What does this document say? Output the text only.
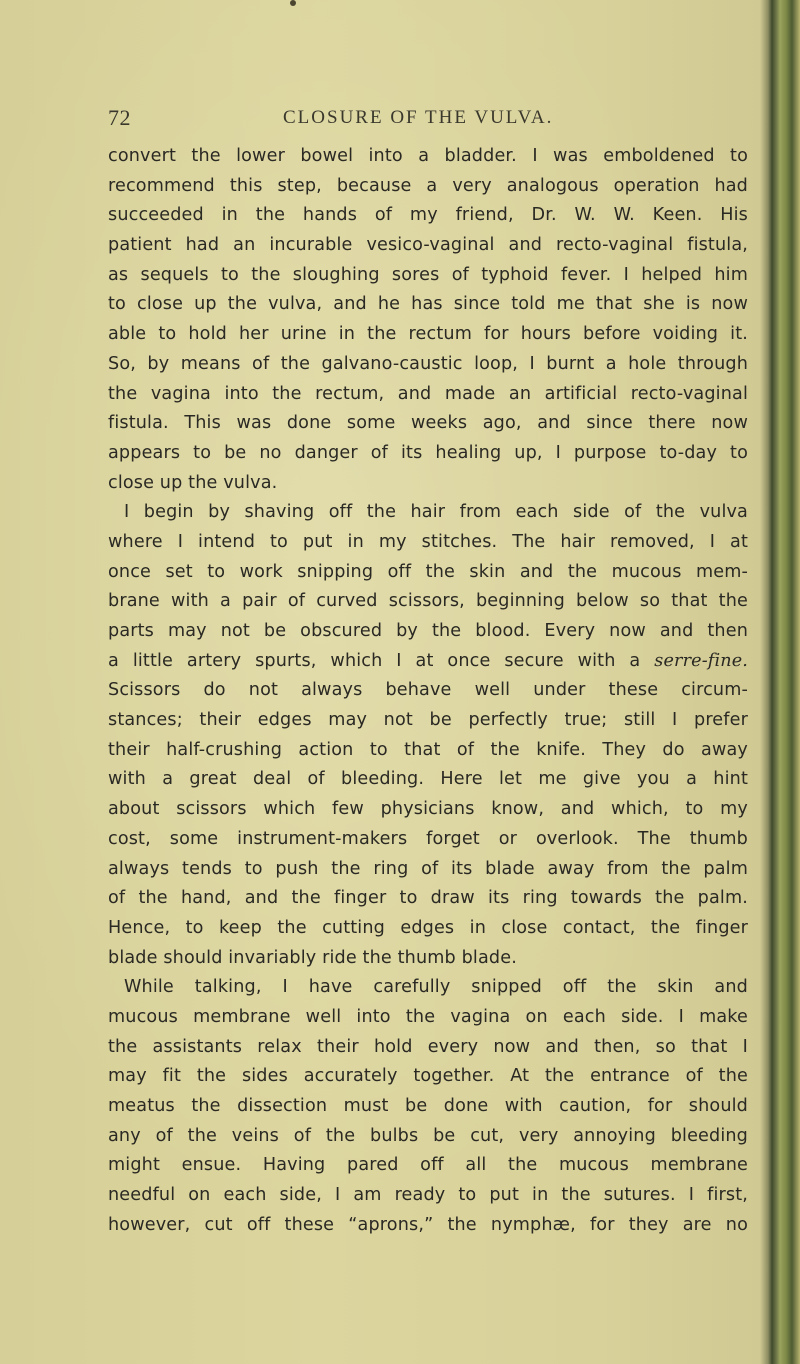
72	CLOSURE OF THE VULVA.
convert the lower bowel into a bladder. I was emboldened to
recommend this step, because a very analogous operation had
succeeded in the hands of my friend, Dr. W. W. Keen. His
patient had an incurable vesico-vaginal and recto-vaginal fistula,
as sequels to the sloughing sores of typhoid fever. I helped him
to close up the vulva, and he has since told me that she is now
able to hold her urine in the rectum for hours before voiding it.
So, by means of the galvano-caustic loop, I burnt a hole through
the vagina into the rectum, and made an artificial recto-vaginal
fistula. This was done some weeks ago, and since there now
appears to be no danger of its healing up, I purpose to-day to
close up the vulva.
I begin by shaving off the hair from each side of the vulva
where I intend to put in my stitches. The hair removed, I at
once set to work snipping off the skin and the mucous mem-
brane with a pair of curved scissors, beginning below so that the
parts may not be obscured by the blood. Every now and then
a little artery spurts, which I at once secure with a serre-fine.
Scissors do not always behave well under these circum-
stances; their edges may not be perfectly true; still I prefer
their half-crushing action to that of the knife. They do away
with a great deal of bleeding. Here let me give you a hint
about scissors which few physicians know, and which, to my
cost, some instrument-makers forget or overlook. The thumb
always tends to push the ring of its blade away from the palm
of the hand, and the finger to draw its ring towards the palm.
Hence, to keep the cutting edges in close contact, the finger
blade should invariably ride the thumb blade.
While talking, I have carefully snipped off the skin and
mucous membrane well into the vagina on each side. I make
the assistants relax their hold every now and then, so that I
may fit the sides accurately together. At the entrance of the
meatus the dissection must be done with caution, for should
any of the veins of the bulbs be cut, very annoying bleeding
might ensue. Having pared off all the mucous membrane
needful on each side, I am ready to put in the sutures. I first,
however, cut off these “aprons,” the nymphæ, for they are no
